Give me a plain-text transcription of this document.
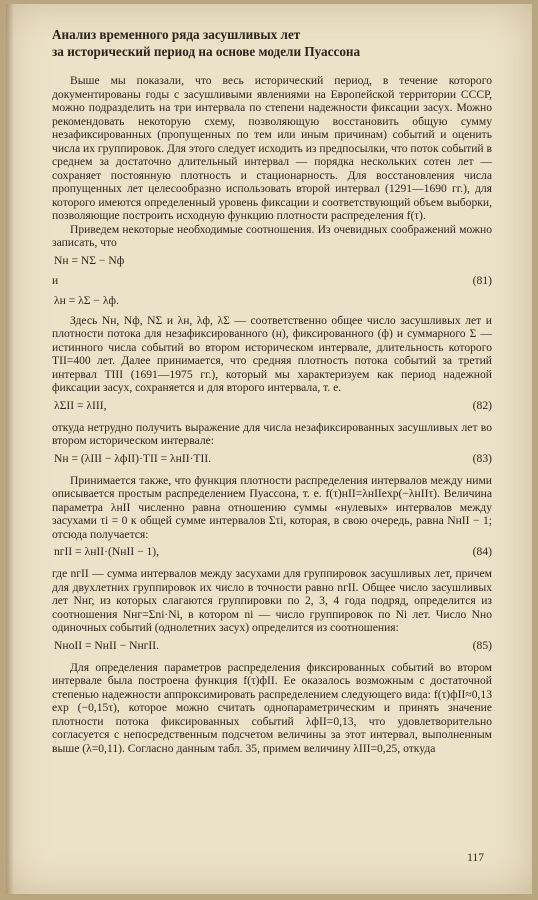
Анализ временного ряда засушливых лет
за исторический период на основе модели Пуассона

Выше мы показали, что весь исторический период, в течение которого документированы годы с засушливыми явлениями на Европейской территории СССР, можно подразделить на три интервала по степени надежности фиксации засух. Можно рекомендовать некоторую схему, позволяющую восстановить общую сумму незафиксированных (пропущенных по тем или иным причинам) событий и оценить числа их группировок. Для этого следует исходить из предпосылки, что поток событий в среднем за достаточно длительный интервал — порядка нескольких сотен лет — сохраняет постоянную плотность и стационарность. Для восстановления числа пропущенных лет целесообразно использовать второй интервал (1291—1690 гг.), для которого имеются определенный уровень фиксации и соответствующий объем выборки, позволяющие построить исходную функцию плотности распределения f(τ).

Приведем некоторые необходимые соотношения. Из очевидных соображений можно записать, что

Nн = NΣ − Nф
и	(81)
λн = λΣ − λф.

Здесь Nн, Nф, NΣ и λн, λф, λΣ — соответственно общее число засушливых лет и плотности потока для незафиксированного (н), фиксированного (ф) и суммарного Σ — истинного числа событий во втором историческом интервале, длительность которого TII=400 лет. Далее принимается, что средняя плотность потока событий за третий интервал TIII (1691—1975 гг.), который мы характеризуем как период надежной фиксации засух, сохраняется и для второго интервала, т. е.

λΣII = λIII,	(82)

откуда нетрудно получить выражение для числа незафиксированных засушливых лет во втором историческом интервале:

Nн = (λIII − λфII)·TII = λнII·TII.	(83)

Принимается также, что функция плотности распределения интервалов между ними описывается простым распределением Пуассона, т. е. f(τ)нII=λнIIexp(−λнIIτ). Величина параметра λнII численно равна отношению суммы «нулевых» интервалов между засухами τi = 0 к общей сумме интервалов Στi, которая, в свою очередь, равна NнII − 1; отсюда получается:

nгII = λнII·(NнII − 1),	(84)

где nгII — сумма интервалов между засухами для группировок засушливых лет, причем для двухлетних группировок их число в точности равно nгII. Общее число засушливых лет Nнг, из которых слагаются группировки по 2, 3, 4 года подряд, определится из соотношения Nнг=Σni·Ni, в котором ni — число группировок по Ni лет. Число Nно одиночных событий (однолетних засух) определится из соотношения:

NноII = NнII − NнгII.	(85)

Для определения параметров распределения фиксированных событий во втором интервале была построена функция f(τ)фII. Ее оказалось возможным с достаточной степенью надежности аппроксимировать распределением следующего вида: f(τ)фII≈0,13 exp (−0,15τ), которое можно считать однопараметрическим и принять значение плотности потока фиксированных событий λфII=0,13, что удовлетворительно согласуется с непосредственным подсчетом величины за этот интервал, выполненным выше (λ=0,11). Согласно данным табл. 35, примем величину λIII=0,25, откуда

117
